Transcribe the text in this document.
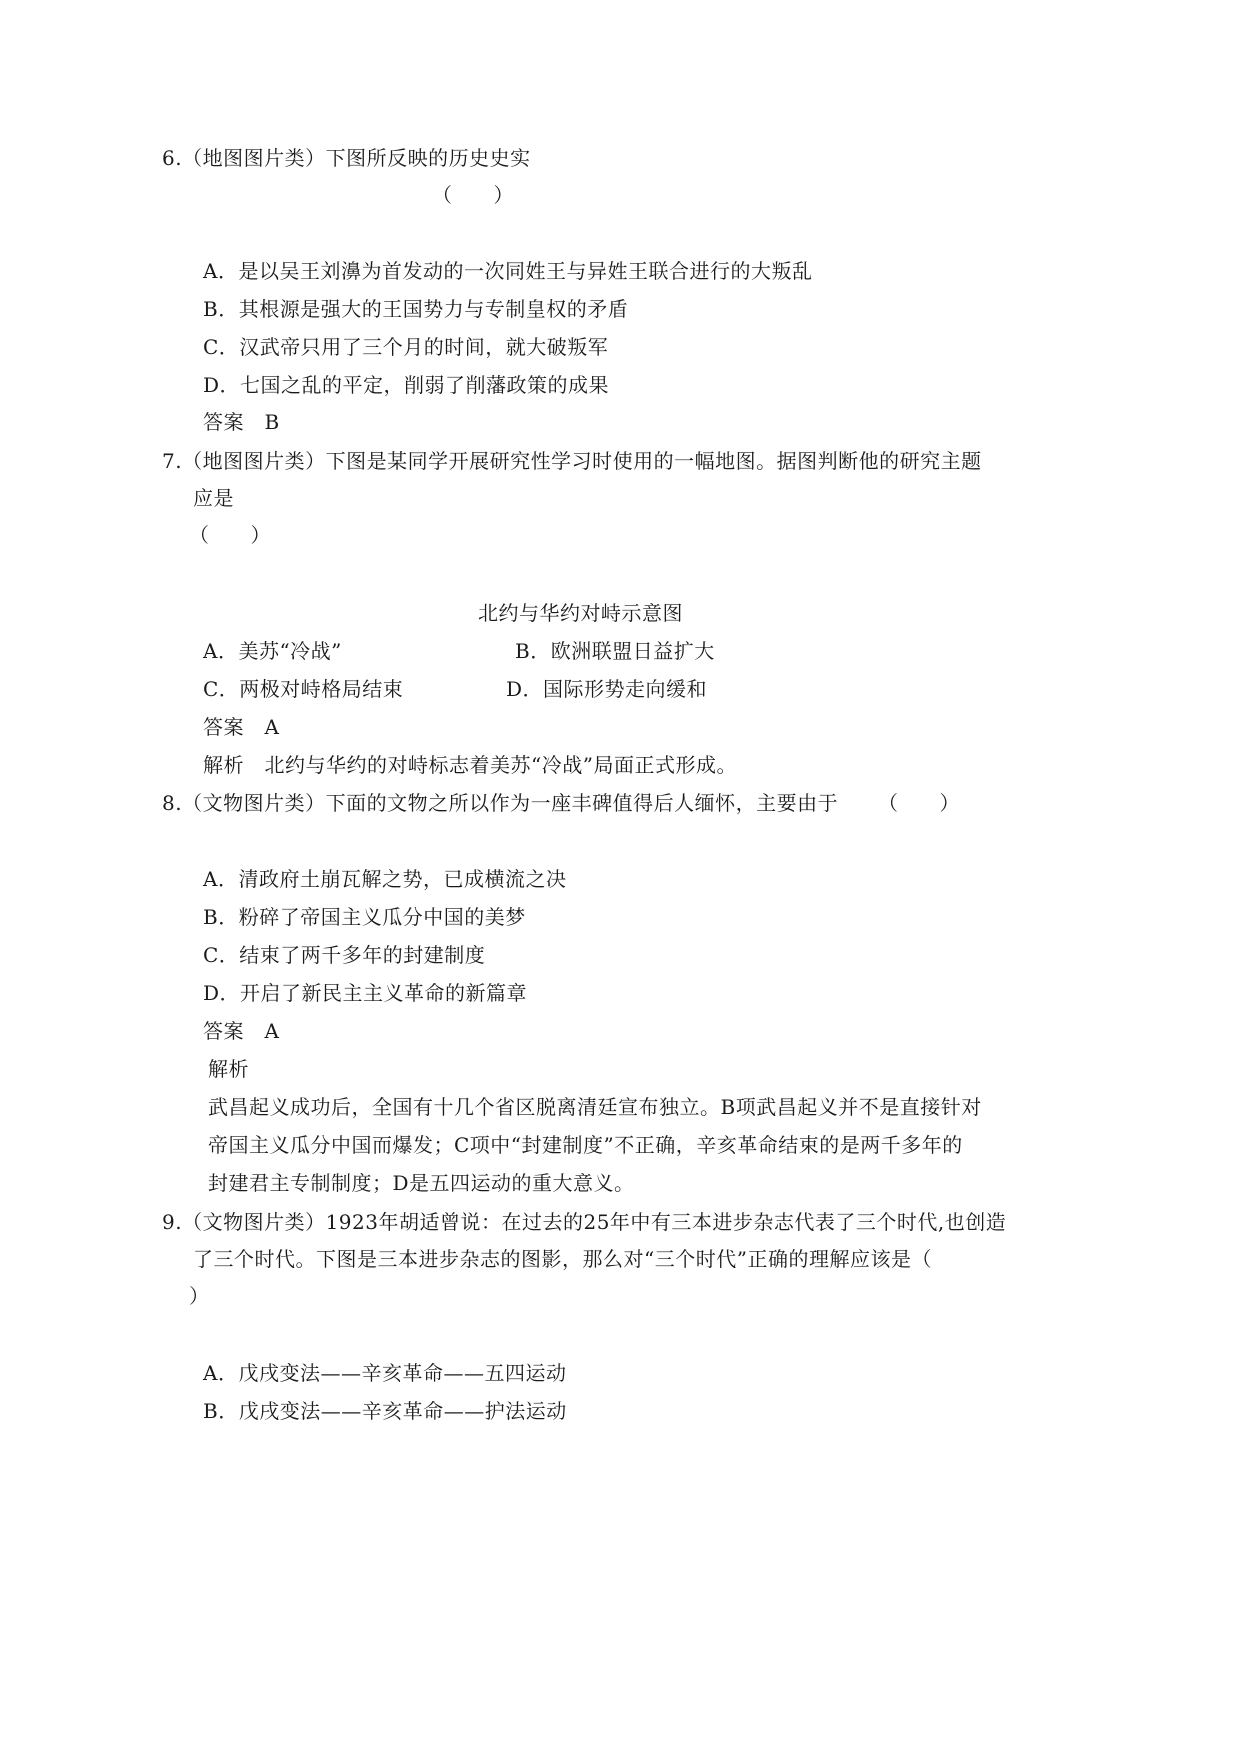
6.（地图图片类）下图所反映的历史史实
（　　）
A．是以吴王刘濞为首发动的一次同姓王与异姓王联合进行的大叛乱
B．其根源是强大的王国势力与专制皇权的矛盾
C．汉武帝只用了三个月的时间，就大破叛军
D．七国之乱的平定，削弱了削藩政策的成果
答案　B
7.（地图图片类）下图是某同学开展研究性学习时使用的一幅地图。据图判断他的研究主题
应是
（　　）
北约与华约对峙示意图
A．美苏“冷战”	B．欧洲联盟日益扩大
C．两极对峙格局结束	D．国际形势走向缓和
答案　A
解析　北约与华约的对峙标志着美苏“冷战”局面正式形成。
8.（文物图片类）下面的文物之所以作为一座丰碑值得后人缅怀，主要由于 （　　）
A．清政府土崩瓦解之势，已成横流之决
B．粉碎了帝国主义瓜分中国的美梦
C．结束了两千多年的封建制度
D．开启了新民主主义革命的新篇章
答案　A
解析
武昌起义成功后，全国有十几个省区脱离清廷宣布独立。B项武昌起义并不是直接针对
帝国主义瓜分中国而爆发；C项中“封建制度”不正确，辛亥革命结束的是两千多年的
封建君主专制制度；D是五四运动的重大意义。
9.（文物图片类）1923年胡适曾说：在过去的25年中有三本进步杂志代表了三个时代,也创造
了三个时代。下图是三本进步杂志的图影，那么对“三个时代”正确的理解应该是（
）
A．戊戌变法——辛亥革命——五四运动
B．戊戌变法——辛亥革命——护法运动
